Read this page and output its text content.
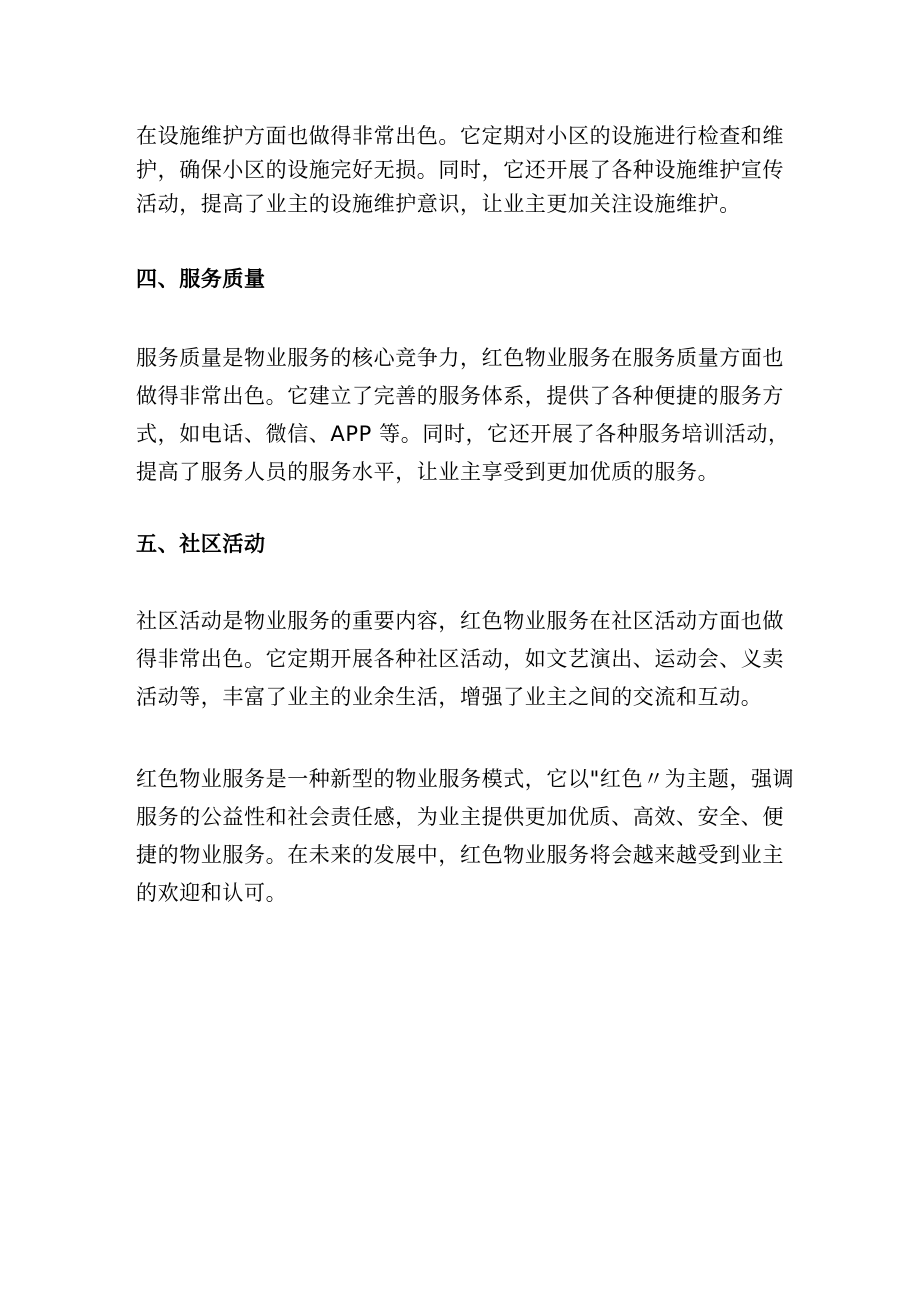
在设施维护方面也做得非常出色。它定期对小区的设施进行检查和维
护，确保小区的设施完好无损。同时，它还开展了各种设施维护宣传
活动，提高了业主的设施维护意识，让业主更加关注设施维护。

四、服务质量

服务质量是物业服务的核心竞争力，红色物业服务在服务质量方面也
做得非常出色。它建立了完善的服务体系，提供了各种便捷的服务方
式，如电话、微信、APP 等。同时，它还开展了各种服务培训活动，
提高了服务人员的服务水平，让业主享受到更加优质的服务。

五、社区活动

社区活动是物业服务的重要内容，红色物业服务在社区活动方面也做
得非常出色。它定期开展各种社区活动，如文艺演出、运动会、义卖
活动等，丰富了业主的业余生活，增强了业主之间的交流和互动。

红色物业服务是一种新型的物业服务模式，它以"红色〃为主题，强调
服务的公益性和社会责任感，为业主提供更加优质、高效、安全、便
捷的物业服务。在未来的发展中，红色物业服务将会越来越受到业主
的欢迎和认可。
